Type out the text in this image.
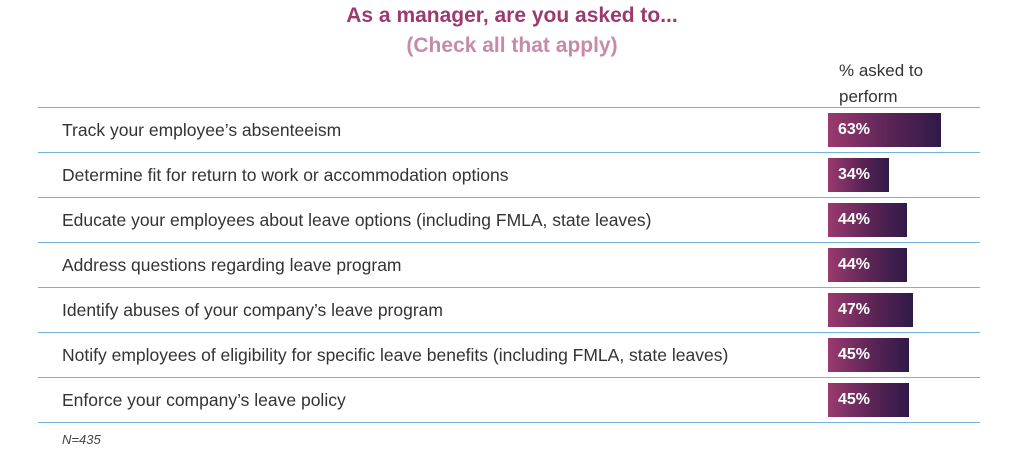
As a manager, are you asked to...
(Check all that apply)
% asked to
perform
Track your employee’s absenteeism	63%
Determine fit for return to work or accommodation options	34%
Educate your employees about leave options (including FMLA, state leaves)	44%
Address questions regarding leave program	44%
Identify abuses of your company’s leave program	47%
Notify employees of eligibility for specific leave benefits (including FMLA, state leaves)	45%
Enforce your company’s leave policy	45%
N=435
